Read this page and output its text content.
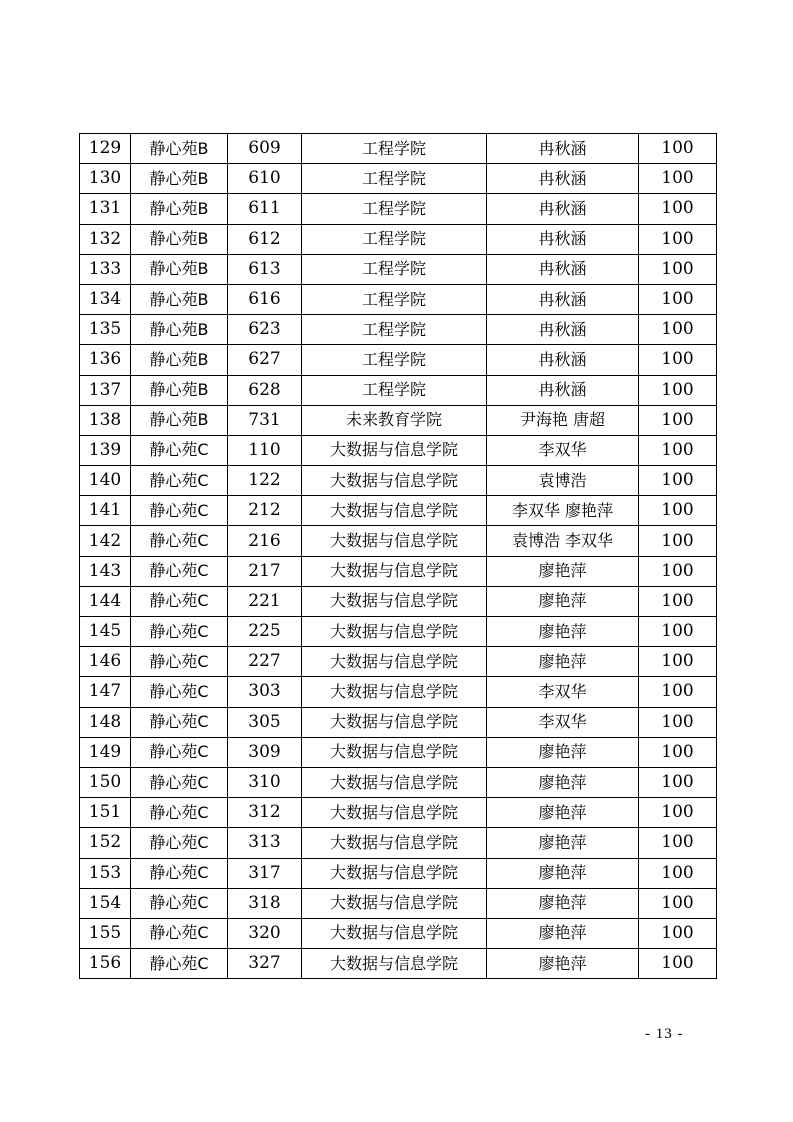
129	静心苑B	609	工程学院	冉秋涵	100
130	静心苑B	610	工程学院	冉秋涵	100
131	静心苑B	611	工程学院	冉秋涵	100
132	静心苑B	612	工程学院	冉秋涵	100
133	静心苑B	613	工程学院	冉秋涵	100
134	静心苑B	616	工程学院	冉秋涵	100
135	静心苑B	623	工程学院	冉秋涵	100
136	静心苑B	627	工程学院	冉秋涵	100
137	静心苑B	628	工程学院	冉秋涵	100
138	静心苑B	731	未来教育学院	尹海艳 唐超	100
139	静心苑C	110	大数据与信息学院	李双华	100
140	静心苑C	122	大数据与信息学院	袁博浩	100
141	静心苑C	212	大数据与信息学院	李双华 廖艳萍	100
142	静心苑C	216	大数据与信息学院	袁博浩 李双华	100
143	静心苑C	217	大数据与信息学院	廖艳萍	100
144	静心苑C	221	大数据与信息学院	廖艳萍	100
145	静心苑C	225	大数据与信息学院	廖艳萍	100
146	静心苑C	227	大数据与信息学院	廖艳萍	100
147	静心苑C	303	大数据与信息学院	李双华	100
148	静心苑C	305	大数据与信息学院	李双华	100
149	静心苑C	309	大数据与信息学院	廖艳萍	100
150	静心苑C	310	大数据与信息学院	廖艳萍	100
151	静心苑C	312	大数据与信息学院	廖艳萍	100
152	静心苑C	313	大数据与信息学院	廖艳萍	100
153	静心苑C	317	大数据与信息学院	廖艳萍	100
154	静心苑C	318	大数据与信息学院	廖艳萍	100
155	静心苑C	320	大数据与信息学院	廖艳萍	100
156	静心苑C	327	大数据与信息学院	廖艳萍	100
- 13 -
